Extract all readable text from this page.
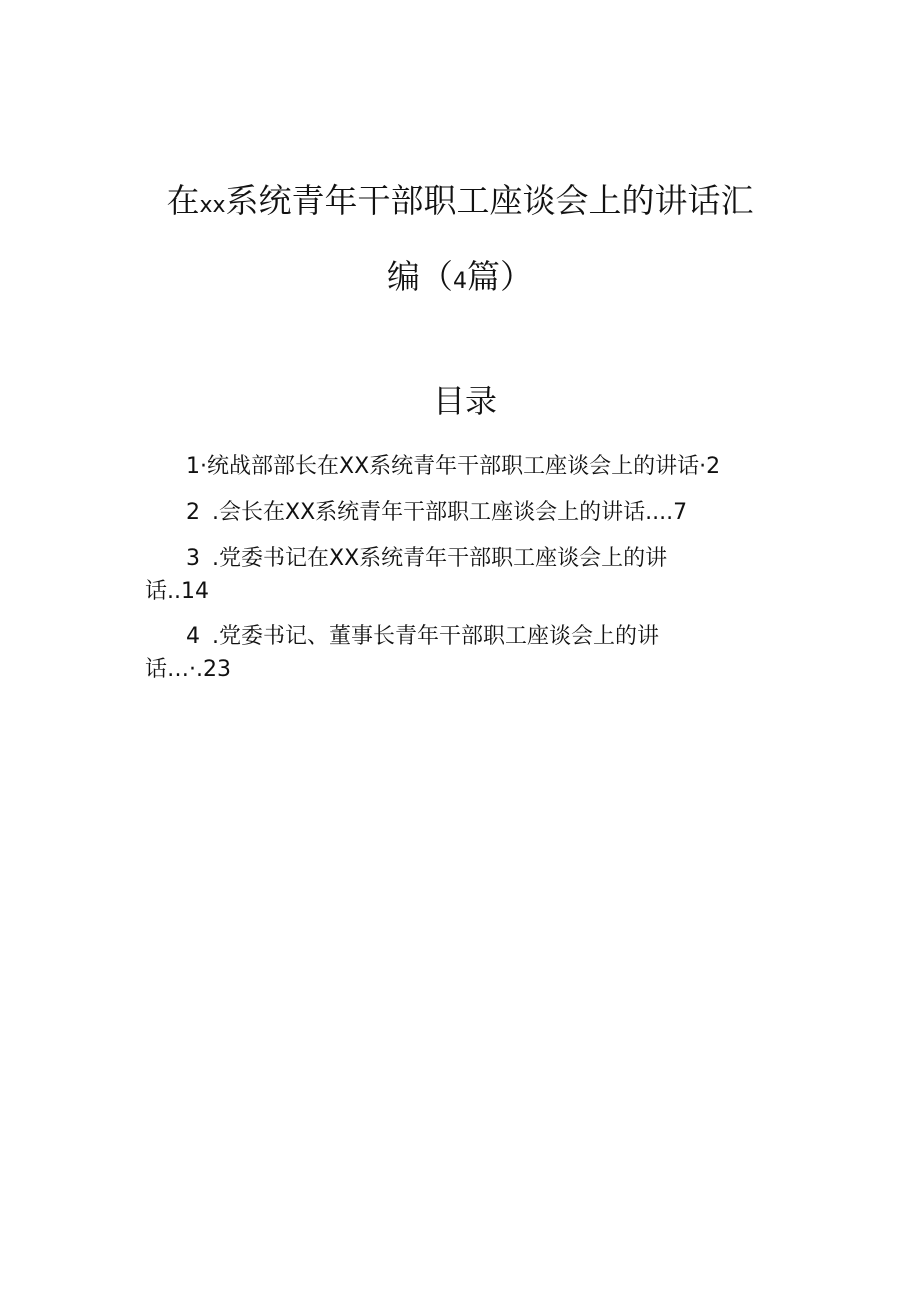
在xx系统青年干部职工座谈会上的讲话汇
编（4篇）
目录
1·统战部部长在XX系统青年干部职工座谈会上的讲话·2
2 .会长在XX系统青年干部职工座谈会上的讲话....7
3 .党委书记在XX系统青年干部职工座谈会上的讲
话..14
4 .党委书记、董事长青年干部职工座谈会上的讲
话…·.23
